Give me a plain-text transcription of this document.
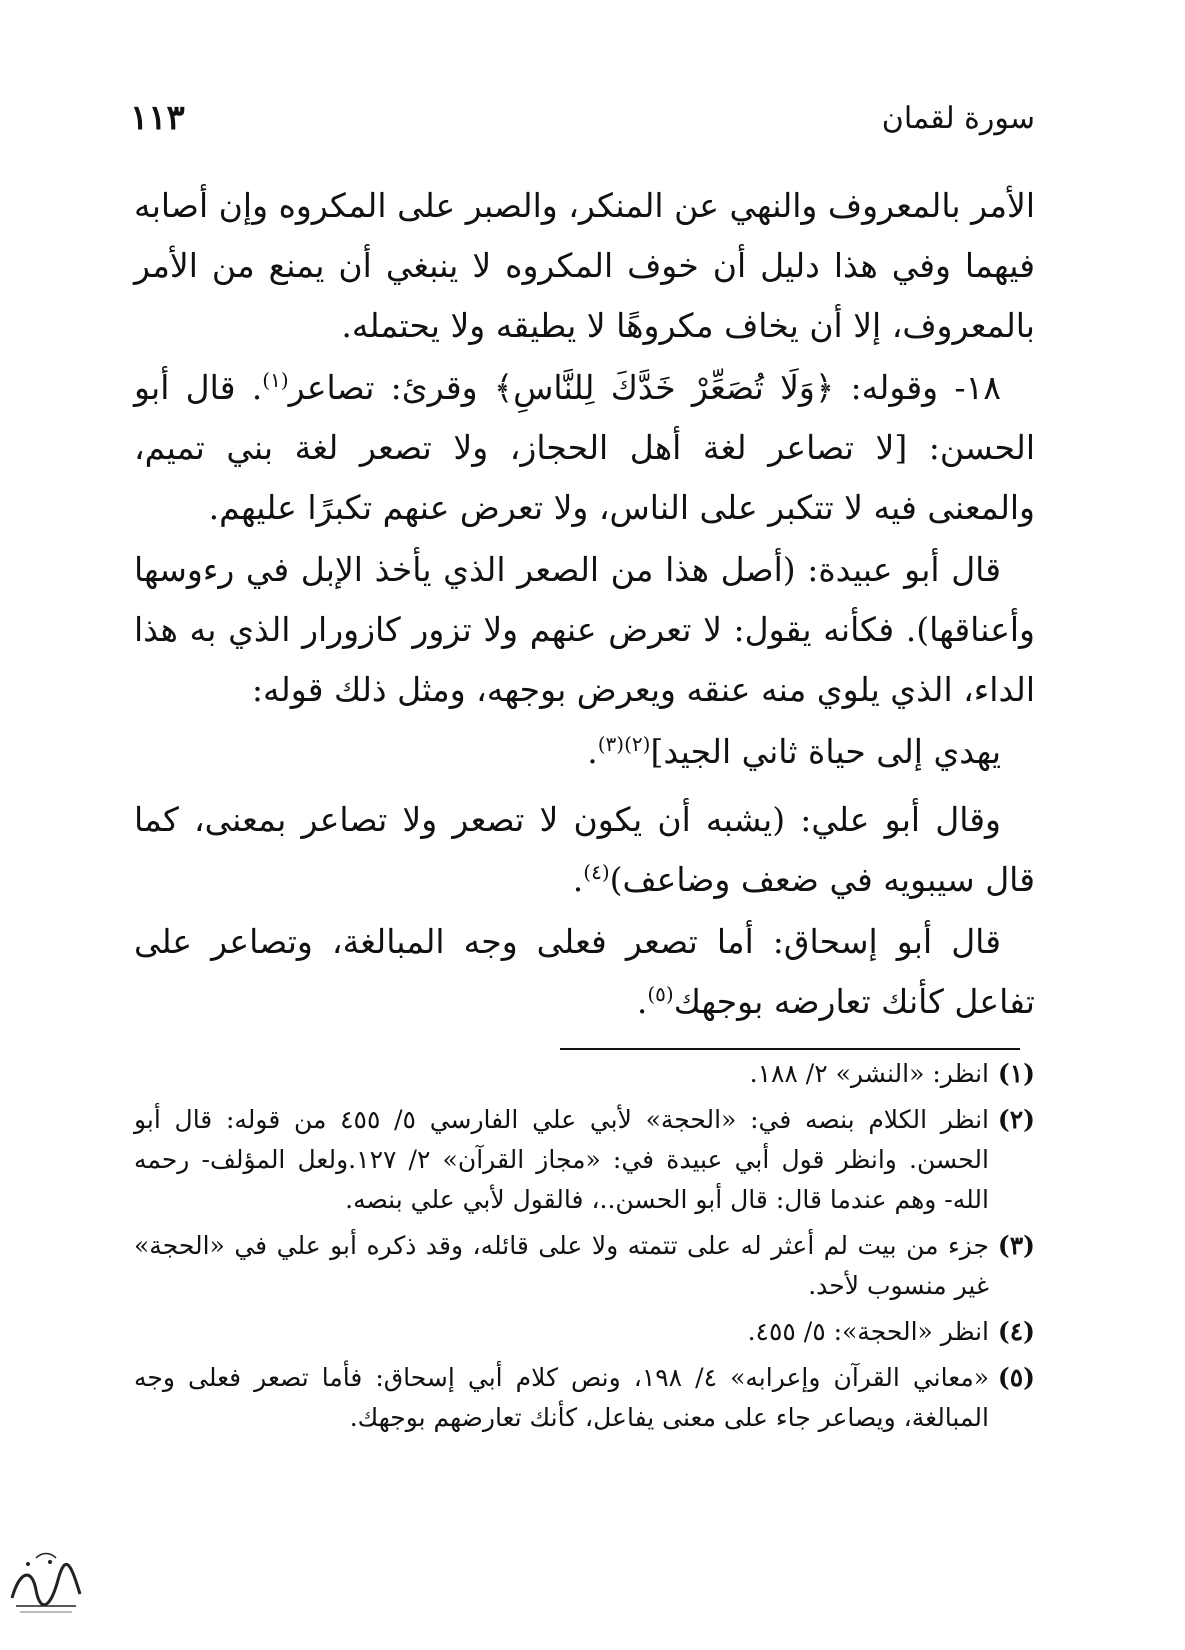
سورة لقمان
١١٣

الأمر بالمعروف والنهي عن المنكر، والصبر على المكروه وإن أصابه فيهما وفي هذا دليل أن خوف المكروه لا ينبغي أن يمنع من الأمر بالمعروف، إلا أن يخاف مكروهًا لا يطيقه ولا يحتمله.

١٨- وقوله: ﴿وَلَا تُصَعِّرْ خَدَّكَ لِلنَّاسِ﴾ وقرئ: تصاعر$^{(١)}$. قال أبو الحسن: [لا تصاعر لغة أهل الحجاز، ولا تصعر لغة بني تميم، والمعنى فيه لا تتكبر على الناس، ولا تعرض عنهم تكبرًا عليهم.

قال أبو عبيدة: (أصل هذا من الصعر الذي يأخذ الإبل في رءوسها وأعناقها). فكأنه يقول: لا تعرض عنهم ولا تزور كازورار الذي به هذا الداء، الذي يلوي منه عنقه ويعرض بوجهه، ومثل ذلك قوله:

يهدي إلى حياة ثاني الجيد]$^{(٢)(٣)}$.

وقال أبو علي: (يشبه أن يكون لا تصعر ولا تصاعر بمعنى، كما قال سيبويه في ضعف وضاعف)$^{(٤)}$.

قال أبو إسحاق: أما تصعر فعلى وجه المبالغة، وتصاعر على تفاعل كأنك تعارضه بوجهك$^{(٥)}$.

(١)
انظر: «النشر» ٢/ ١٨٨.
(٢)
انظر الكلام بنصه في: «الحجة» لأبي علي الفارسي ٥/ ٤٥٥ من قوله: قال أبو الحسن. وانظر قول أبي عبيدة في: «مجاز القرآن» ٢/ ١٢٧.ولعل المؤلف- رحمه الله- وهم عندما قال: قال أبو الحسن..، فالقول لأبي علي بنصه.
(٣)
جزء من بيت لم أعثر له على تتمته ولا على قائله، وقد ذكره أبو علي في «الحجة» غير منسوب لأحد.
(٤)
انظر «الحجة»: ٥/ ٤٥٥.
(٥)
«معاني القرآن وإعرابه» ٤/ ١٩٨، ونص كلام أبي إسحاق: فأما تصعر فعلى وجه المبالغة، ويصاعر جاء على معنى يفاعل، كأنك تعارضهم بوجهك.
